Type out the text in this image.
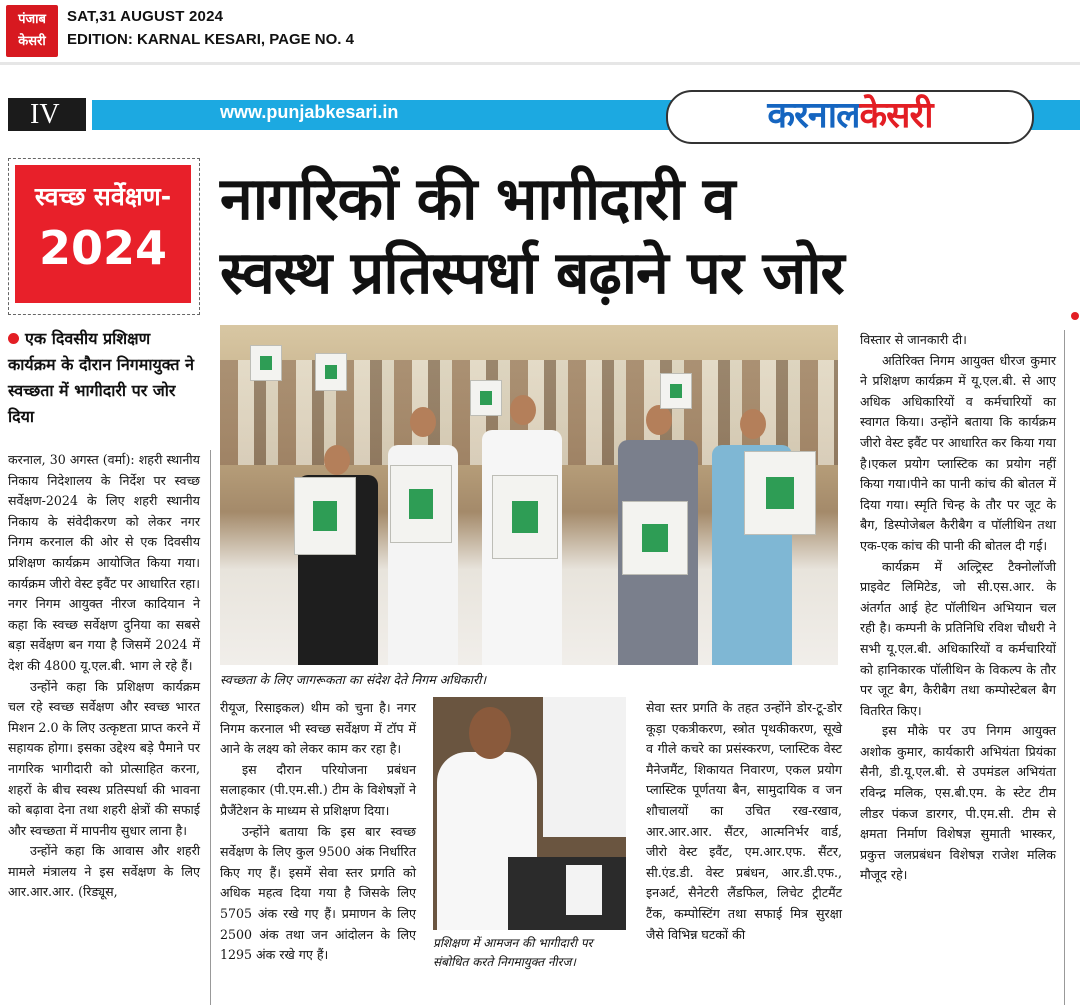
पंजाब
केसरी
SAT,31 AUGUST 2024
EDITION: KARNAL KESARI, PAGE NO. 4
IV	www.punjabkesari.in	करनालकेसरी
स्वच्छ सर्वेक्षण-
2024
नागरिकों की भागीदारी व
स्वस्थ प्रतिस्पर्धा बढ़ाने पर जोर
एक दिवसीय प्रशिक्षण कार्यक्रम के दौरान निगमायुक्त ने स्वच्छता में भागीदारी पर जोर दिया
स्वच्छता के लिए जागरूकता का संदेश देते निगम अधिकारी।

करनाल, 30 अगस्त (वर्मा): शहरी स्थानीय निकाय निदेशालय के निर्देश पर स्वच्छ सर्वेक्षण-2024 के लिए शहरी स्थानीय निकाय के संवेदीकरण को लेकर नगर निगम करनाल की ओर से एक दिवसीय प्रशिक्षण कार्यक्रम आयोजित किया गया। कार्यक्रम जीरो वेस्ट इवैंट पर आधारित रहा। नगर निगम आयुक्त नीरज कादियान ने कहा कि स्वच्छ सर्वेक्षण दुनिया का सबसे बड़ा सर्वेक्षण बन गया है जिसमें 2024 में देश की 4800 यू.एल.बी. भाग ले रहे हैं।

उन्होंने कहा कि प्रशिक्षण कार्यक्रम चल रहे स्वच्छ सर्वेक्षण और स्वच्छ भारत मिशन 2.0 के लिए उत्कृष्टता प्राप्त करने में सहायक होगा। इसका उद्देश्य बड़े पैमाने पर नागरिक भागीदारी को प्रोत्साहित करना, शहरों के बीच स्वस्थ प्रतिस्पर्धा की भावना को बढ़ावा देना तथा शहरी क्षेत्रों की सफाई और स्वच्छता में मापनीय सुधार लाना है।

उन्होंने कहा कि आवास और शहरी मामले मंत्रालय ने इस सर्वेक्षण के लिए आर.आर.आर. (रिड्यूस,

रीयूज, रिसाइकल) थीम को चुना है। नगर निगम करनाल भी स्वच्छ सर्वेक्षण में टॉप में आने के लक्ष्य को लेकर काम कर रहा है।

इस दौरान परियोजना प्रबंधन सलाहकार (पी.एम.सी.) टीम के विशेषज्ञों ने प्रैजैंटेशन के माध्यम से प्रशिक्षण दिया।

उन्होंने बताया कि इस बार स्वच्छ सर्वेक्षण के लिए कुल 9500 अंक निर्धारित किए गए हैं। इसमें सेवा स्तर प्रगति को अधिक महत्व दिया गया है जिसके लिए 5705 अंक रखे गए हैं। प्रमाणन के लिए 2500 अंक तथा जन आंदोलन के लिए 1295 अंक रखे गए हैं।

प्रशिक्षण में आमजन की भागीदारी पर संबोधित करते निगमायुक्त नीरज।

सेवा स्तर प्रगति के तहत उन्होंने डोर-टू-डोर कूड़ा एकत्रीकरण, स्त्रोत पृथकीकरण, सूखे व गीले कचरे का प्रसंस्करण, प्लास्टिक वेस्ट मैनेजमैंट, शिकायत निवारण, एकल प्रयोग प्लास्टिक पूर्णतया बैन, सामुदायिक व जन शौचालयों का उचित रख-रखाव, आर.आर.आर. सैंटर, आत्मनिर्भर वार्ड, जीरो वेस्ट इवैंट, एम.आर.एफ. सैंटर, सी.एंड.डी. वेस्ट प्रबंधन, आर.डी.एफ., इनअर्ट, सैनेटरी लैंडफिल, लिचेट ट्रीटमैंट टैंक, कम्पोस्टिंग तथा सफाई मित्र सुरक्षा जैसे विभिन्न घटकों की

विस्तार से जानकारी दी।

अतिरिक्त निगम आयुक्त धीरज कुमार ने प्रशिक्षण कार्यक्रम में यू.एल.बी. से आए अधिक अधिकारियों व कर्मचारियों का स्वागत किया। उन्होंने बताया कि कार्यक्रम जीरो वेस्ट इवैंट पर आधारित कर किया गया है।एकल प्रयोग प्लास्टिक का प्रयोग नहीं किया गया।पीने का पानी कांच की बोतल में दिया गया। स्मृति चिन्ह के तौर पर जूट के बैग, डिस्पोजेबल कैरीबैग व पॉलीथिन तथा एक-एक कांच की पानी की बोतल दी गई।

कार्यक्रम में अल्ट्रिस्ट टैक्नोलॉजी प्राइवेट लिमिटेड, जो सी.एस.आर. के अंतर्गत आई हेट पॉलीथिन अभियान चल रही है। कम्पनी के प्रतिनिधि रविश चौधरी ने सभी यू.एल.बी. अधिकारियों व कर्मचारियों को हानिकारक पॉलीथिन के विकल्प के तौर पर जूट बैग, कैरीबैग तथा कम्पोस्टेबल बैग वितरित किए।

इस मौके पर उप निगम आयुक्त अशोक कुमार, कार्यकारी अभियंता प्रियंका सैनी, डी.यू.एल.बी. से उपमंडल अभियंता रविन्द्र मलिक, एस.बी.एम. के स्टेट टीम लीडर पंकज डारगर, पी.एम.सी. टीम से क्षमता निर्माण विशेषज्ञ सुमाती भास्कर, प्रकुत्त जलप्रबंधन विशेषज्ञ राजेश मलिक मौजूद रहे।
